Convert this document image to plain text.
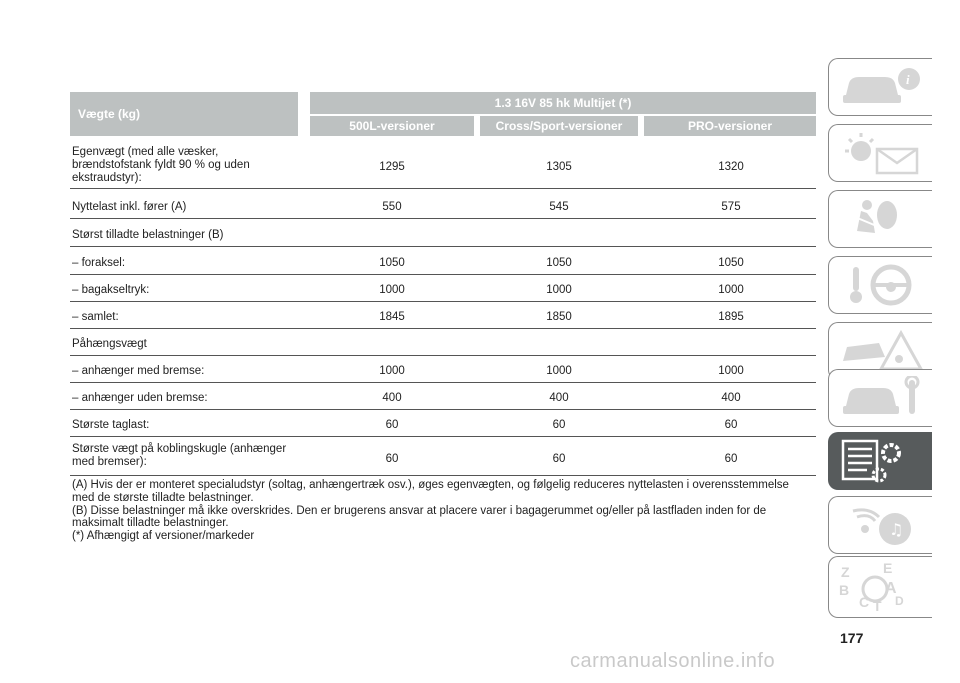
Vægte (kg)
1.3 16V 85 hk Multijet (*)
500L-versioner	Cross/Sport-versioner	PRO-versioner
Egenvægt (med alle væsker,
brændstofstank fyldt 90 % og uden
ekstraudstyr):
1295	1305	1320
Nyttelast inkl. fører (A)	550	545	575
Størst tilladte belastninger (B)
– foraksel:	1050	1050	1050
– bagakseltryk:	1000	1000	1000
– samlet:	1845	1850	1895
Påhængsvægt
– anhænger med bremse:	1000	1000	1000
– anhænger uden bremse:	400	400	400
Største taglast:	60	60	60
Største vægt på koblingskugle (anhænger
med bremser):	60	60	60
(A) Hvis der er monteret specialudstyr (soltag, anhængertræk osv.), øges egenvægten, og følgelig reduceres nyttelasten i overensstemmelse med de største tilladte belastninger.
(B) Disse belastninger må ikke overskrides. Den er brugerens ansvar at placere varer i bagagerummet og/eller på lastfladen inden for de maksimalt tilladte belastninger.
(*) Afhængigt af versioner/markeder
i
♫
Z E
B A
C D
T
177
carmanualsonline.info
